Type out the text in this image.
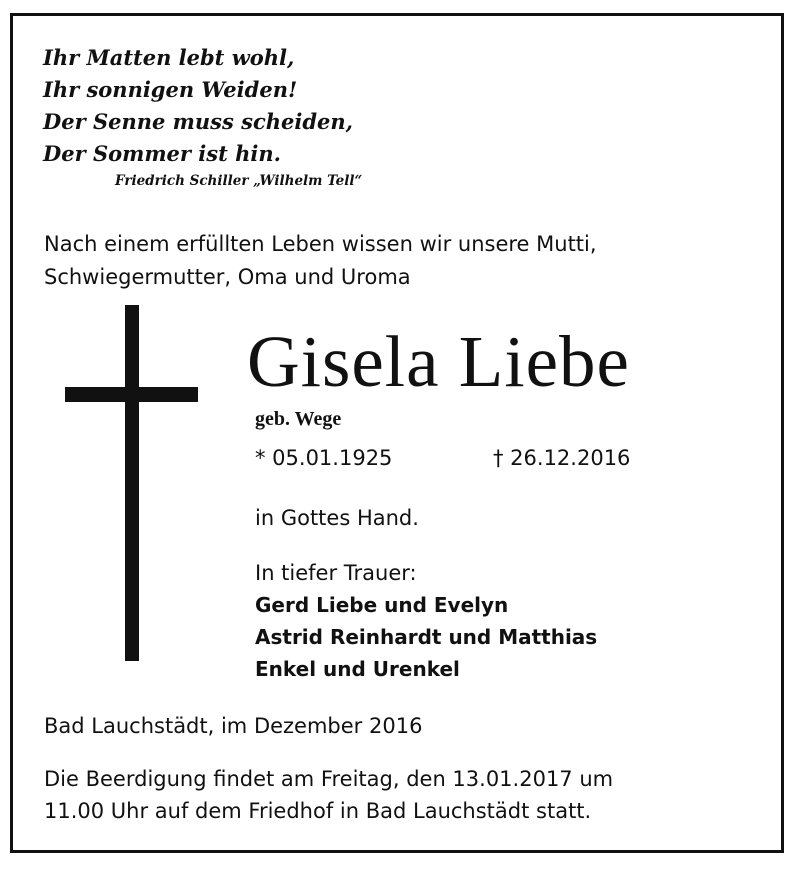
Ihr Matten lebt wohl,
Ihr sonnigen Weiden!
Der Senne muss scheiden,
Der Sommer ist hin.
Friedrich Schiller „Wilhelm Tell“
Nach einem erfüllten Leben wissen wir unsere Mutti,
Schwiegermutter, Oma und Uroma
Gisela Liebe
geb. Wege
* 05.01.1925	† 26.12.2016
in Gottes Hand.
In tiefer Trauer:
Gerd Liebe und Evelyn
Astrid Reinhardt und Matthias
Enkel und Urenkel
Bad Lauchstädt, im Dezember 2016
Die Beerdigung findet am Freitag, den 13.01.2017 um
11.00 Uhr auf dem Friedhof in Bad Lauchstädt statt.
